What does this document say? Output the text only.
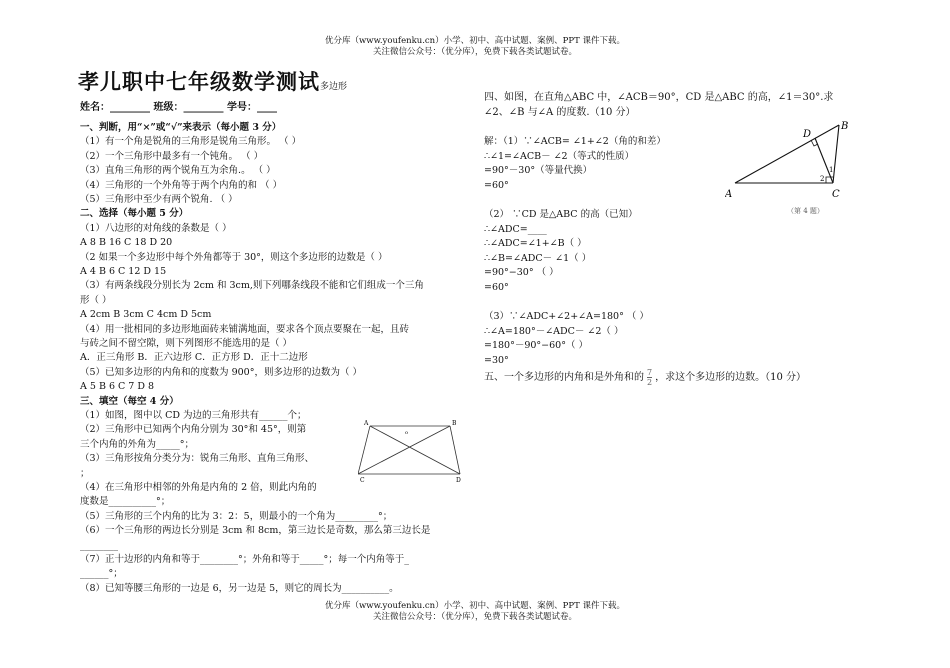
优分库（www.youfenku.cn）小学、初中、高中试题、案例、PPT 课件下载。
关注微信公众号：（优分库），免费下载各类试题试卷。
孝儿职中七年级数学测试多边形
姓名：________ 班级：________ 学号：____
一、判断，用“×”或“√”来表示（每小题 3 分）
（1）有一个角是锐角的三角形是锐角三角形。 （ ）
（2）一个三角形中最多有一个钝角。 （ ）
（3）直角三角形的两个锐角互为余角.。 （ ）
（4）三角形的一个外角等于两个内角的和 （ ）
（5）三角形中至少有两个锐角. （ ）
二、选择（每小题 5 分）
（1）八边形的对角线的条数是（ ）
A 8 B 16 C 18 D 20
（2 如果一个多边形中每个外角都等于 30°，则这个多边形的边数是（ ）
A 4 B 6 C 12 D 15
（3）有两条线段分别长为 2cm 和 3cm,则下列哪条线段不能和它们组成一个三角
形（ ）
A 2cm B 3cm C 4cm D 5cm
（4）用一批相同的多边形地面砖来铺满地面，要求各个顶点要聚在一起，且砖
与砖之间不留空隙，则下列图形不能选用的是（ ）
A．正三角形 B．正六边形 C．正方形 D．正十二边形
（5）已知多边形的内角和的度数为 900°，则多边形的边数为（ ）
A 5 B 6 C 7 D 8
三、填空（每空 4 分）
（1）如图，图中以 CD 为边的三角形共有______个；
（2）三角形中已知两个内角分别为 30°和 45°，则第
三个内角的外角为_____°；
（3）三角形按角分类分为：锐角三角形、直角三角形、
；
（4）在三角形中相邻的外角是内角的 2 倍，则此内角的
度数是__________°；
（5）三角形的三个内角的比为 3：2：5，则最小的一个角为_________°；
（6）一个三角形的两边长分别是 3cm 和 8cm，第三边长是奇数，那么第三边长是
________
（7）正十边形的内角和等于________°；外角和等于_____°；每一个内角等于_
______°；
（8）已知等腰三角形的一边是 6，另一边是 5，则它的周长为__________。
A	B
C	D
o
四、如图，在直角△ABC 中，∠ACB＝90°，CD 是△ABC 的高，∠1＝30°.求
∠2、∠B 与∠A 的度数.（10 分）
解：（1）∵∠ACB= ∠1+∠2（角的和差）
∴∠1=∠ACB－ ∠2（等式的性质）
=90°－30°（等量代换）
=60°
（2） ∵CD 是△ABC 的高（已知）
∴∠ADC=____
∴∠ADC=∠1+∠B（ ）
∴∠B=∠ADC－ ∠1（ ）
=90°−30° （ ）
=60°
（3）∵∠ADC+∠2+∠A=180° （ ）
∴∠A=180°－∠ADC－ ∠2（ ）
=180°－90°−60°（ ）
=30°
A
B
C
D
1
2
（第 4 题）
五、一个多边形的内角和是外角和的 $\frac{7}{2}$ ，求这个多边形的边数。（10 分）
优分库（www.youfenku.cn）小学、初中、高中试题、案例、PPT 课件下载。
关注微信公众号：（优分库），免费下载各类试题试卷。
